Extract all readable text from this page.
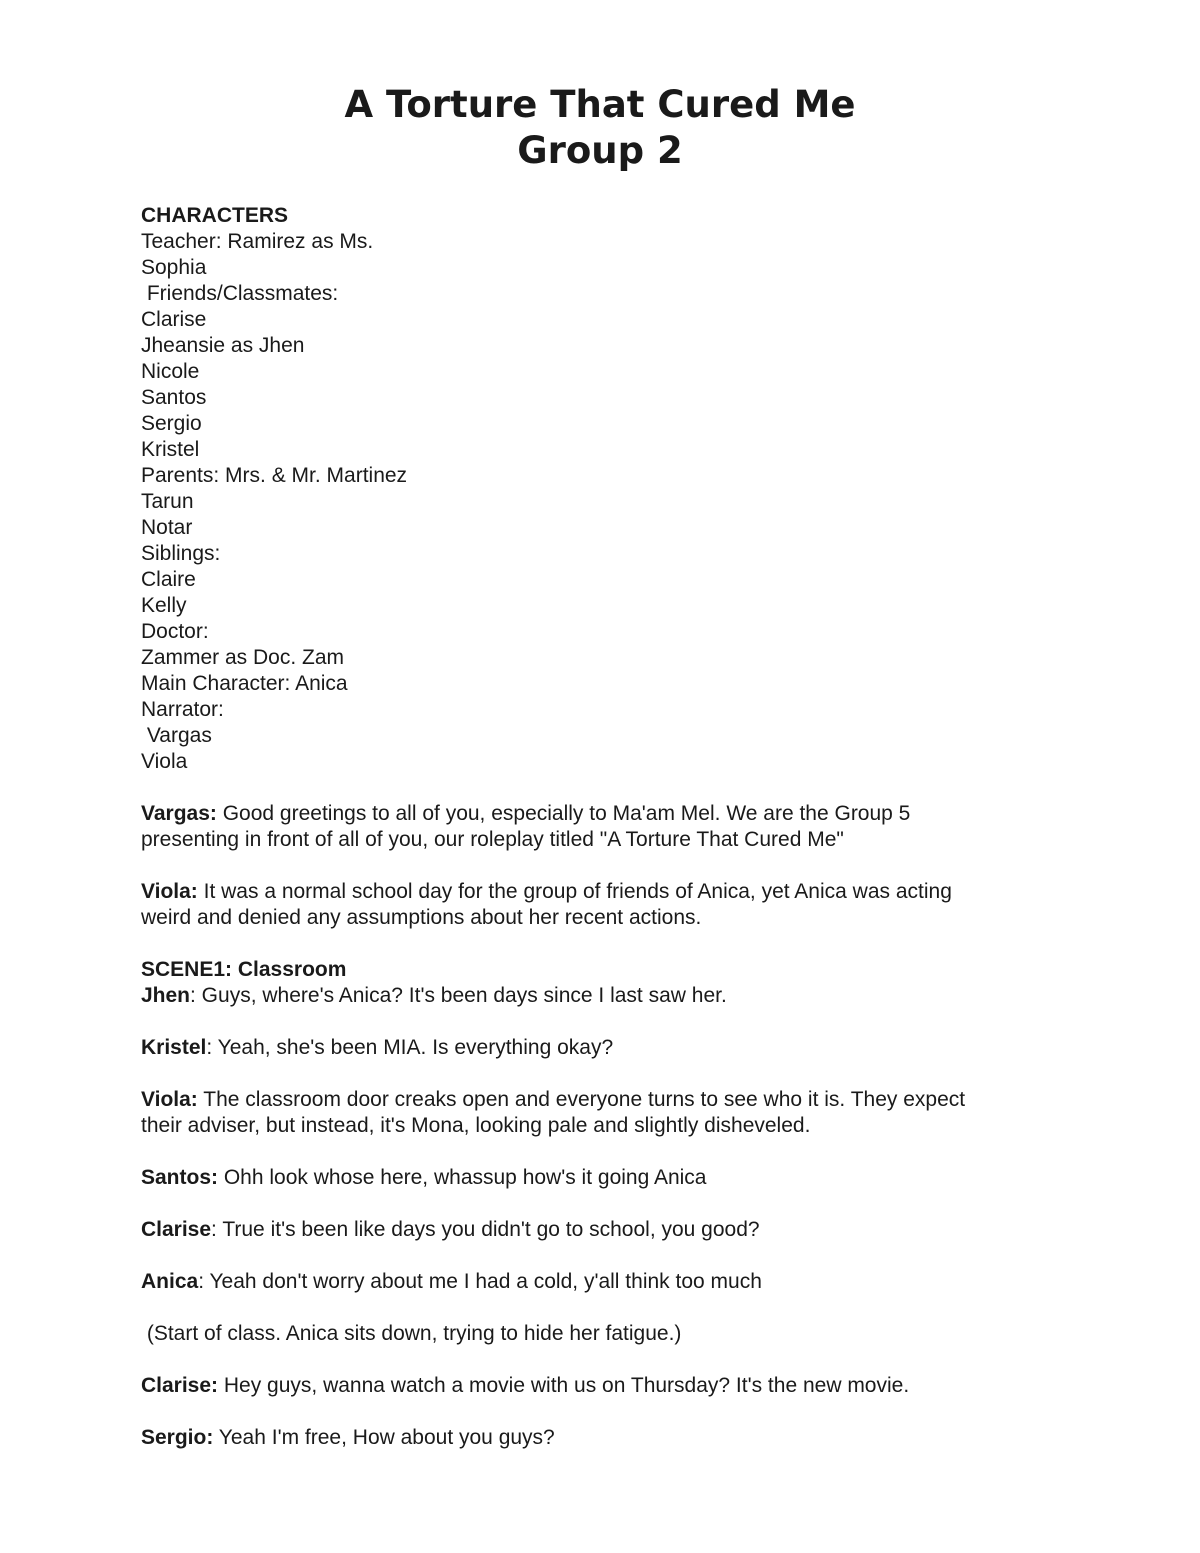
A Torture That Cured Me
Group 2
CHARACTERS
Teacher: Ramirez as Ms.
Sophia
Friends/Classmates:
Clarise
Jheansie as Jhen
Nicole
Santos
Sergio
Kristel
Parents: Mrs. & Mr. Martinez
Tarun
Notar
Siblings:
Claire
Kelly
Doctor:
Zammer as Doc. Zam
Main Character: Anica
Narrator:
Vargas
Viola
Vargas: Good greetings to all of you, especially to Ma'am Mel. We are the Group 5
presenting in front of all of you, our roleplay titled "A Torture That Cured Me"
Viola: It was a normal school day for the group of friends of Anica, yet Anica was acting
weird and denied any assumptions about her recent actions.
SCENE1: Classroom
Jhen: Guys, where's Anica? It's been days since I last saw her.
Kristel: Yeah, she's been MIA. Is everything okay?
Viola: The classroom door creaks open and everyone turns to see who it is. They expect
their adviser, but instead, it's Mona, looking pale and slightly disheveled.
Santos: Ohh look whose here, whassup how's it going Anica
Clarise: True it's been like days you didn't go to school, you good?
Anica: Yeah don't worry about me I had a cold, y'all think too much
(Start of class. Anica sits down, trying to hide her fatigue.)
Clarise: Hey guys, wanna watch a movie with us on Thursday? It's the new movie.
Sergio: Yeah I'm free, How about you guys?
